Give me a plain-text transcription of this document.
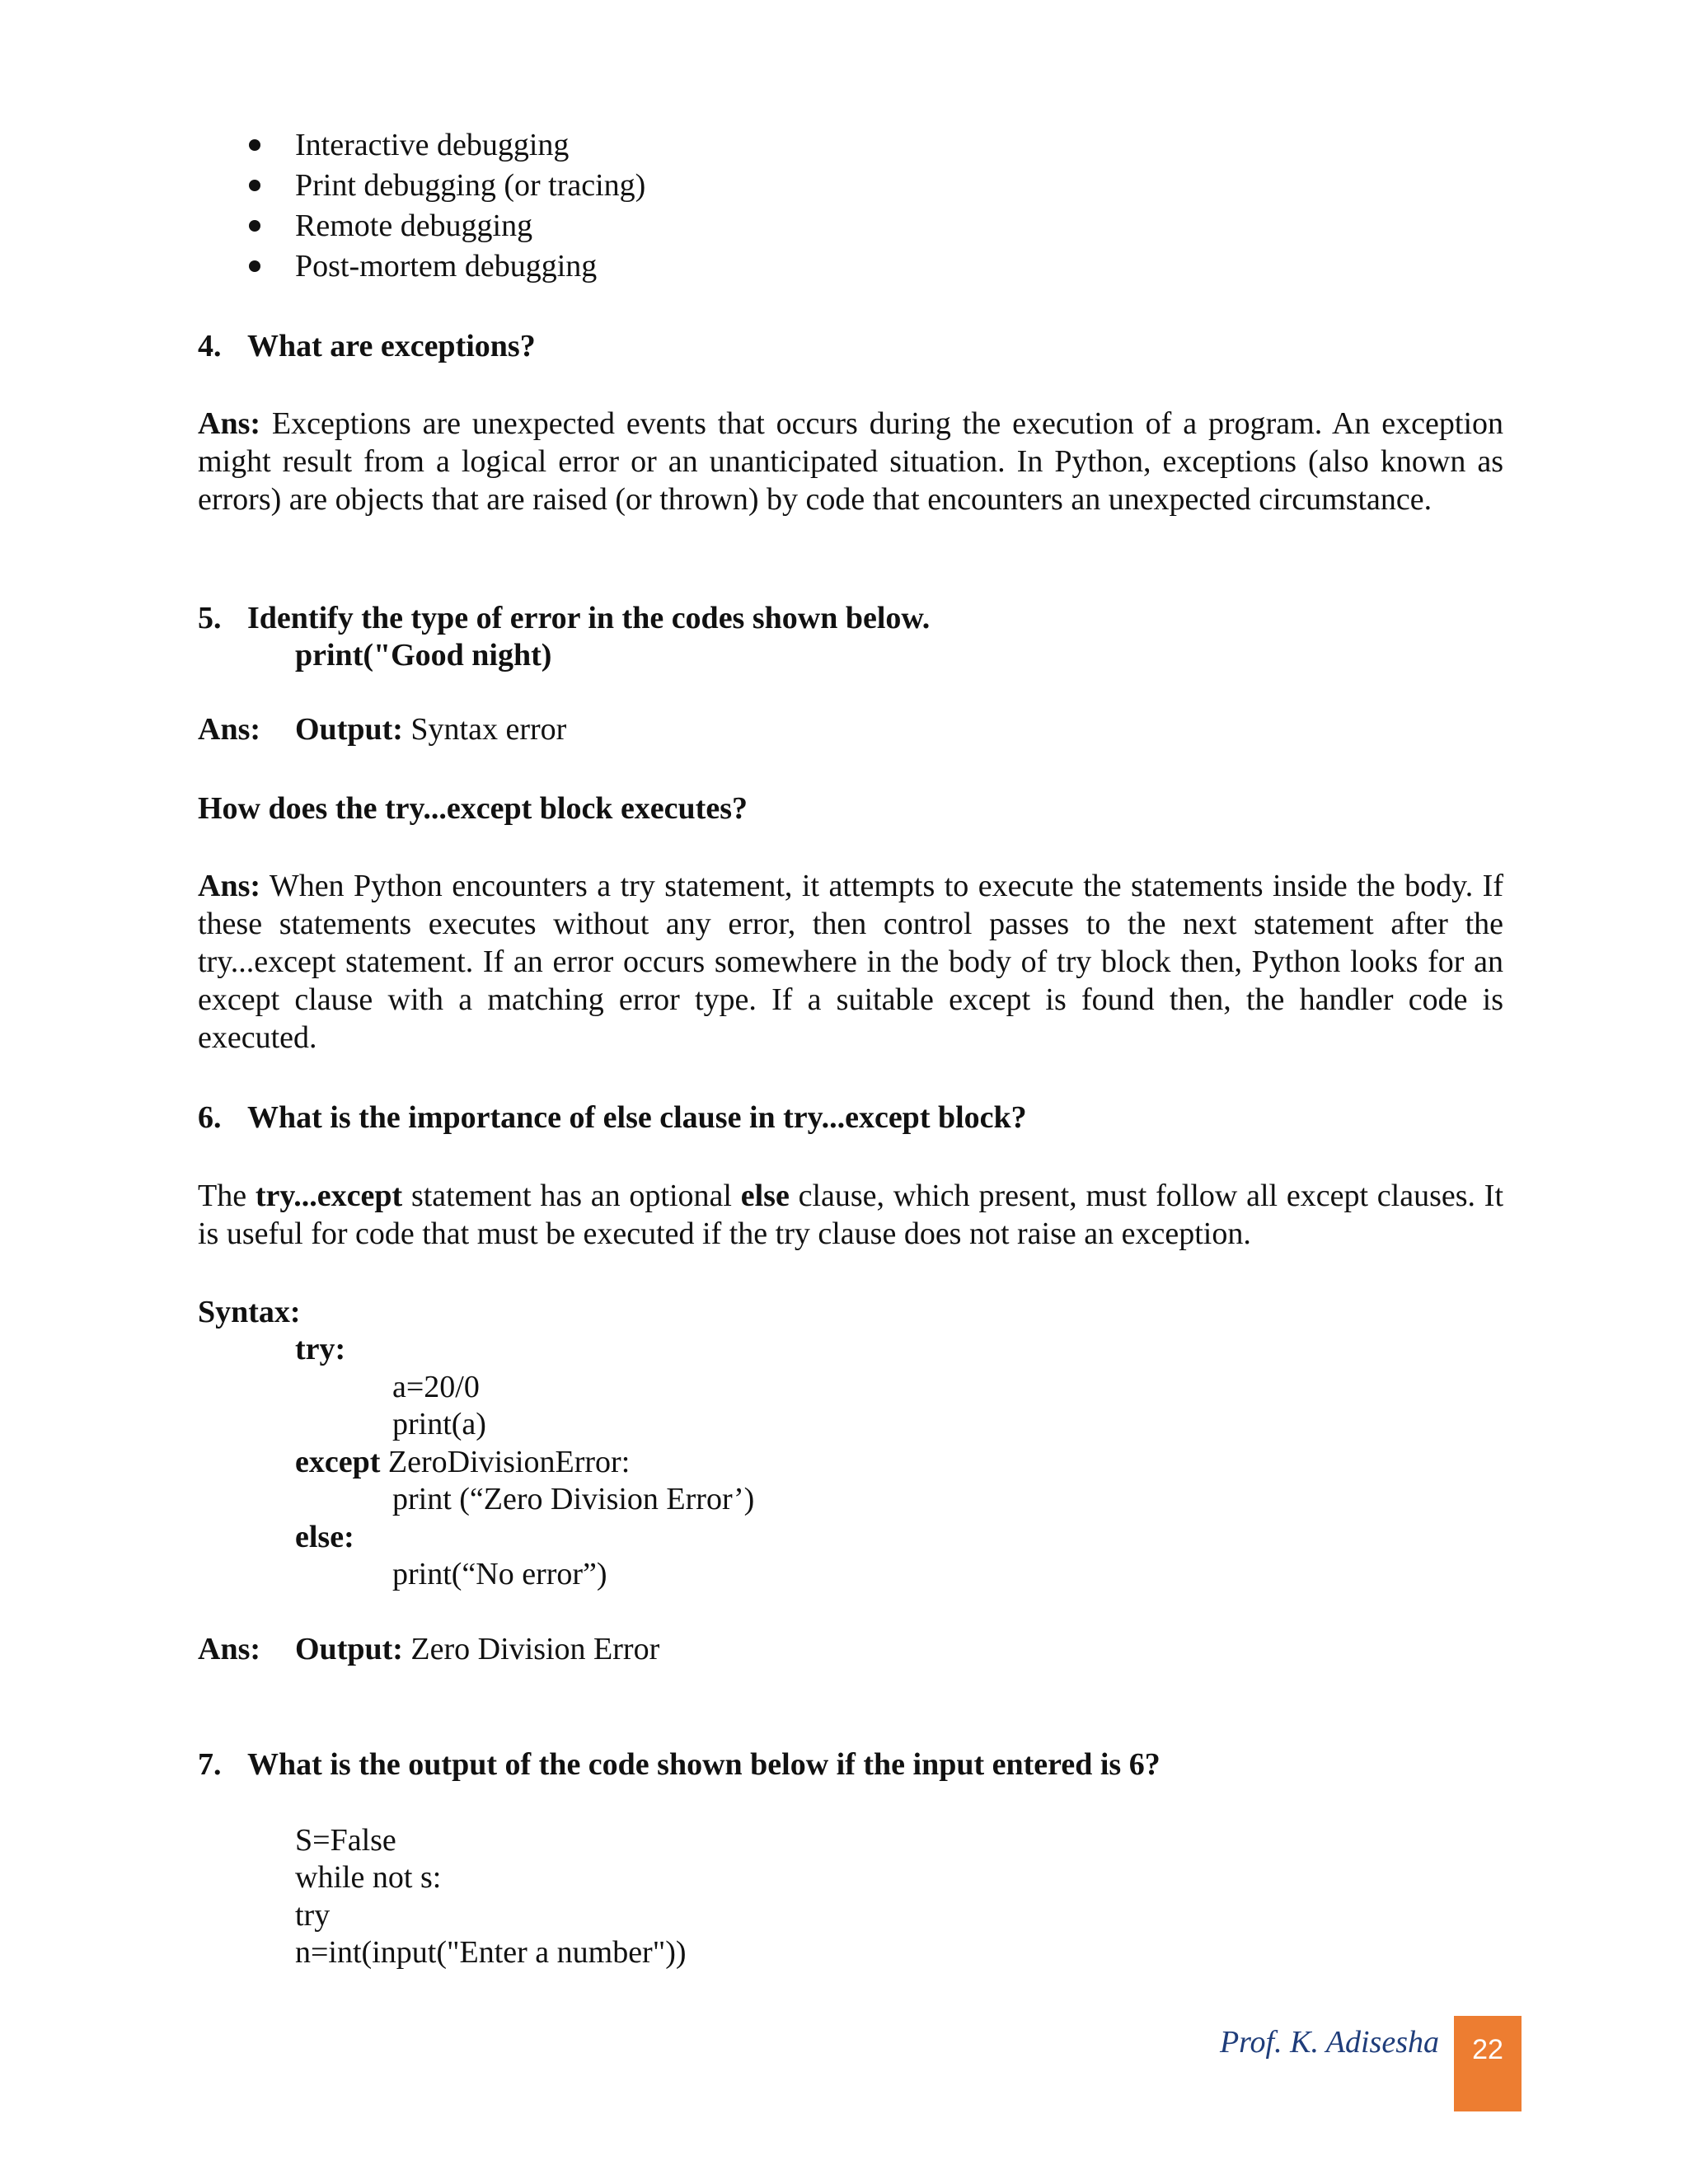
Interactive debugging
Print debugging (or tracing)
Remote debugging
Post-mortem debugging
4. What are exceptions?
Ans: Exceptions are unexpected events that occurs during the execution of a program. An exception might result from a logical error or an unanticipated situation. In Python, exceptions (also known as errors) are objects that are raised (or thrown) by code that encounters an unexpected circumstance.
5. Identify the type of error in the codes shown below.
print("Good night)
Ans: Output: Syntax error
How does the try...except block executes?
Ans: When Python encounters a try statement, it attempts to execute the statements inside the body. If these statements executes without any error, then control passes to the next statement after the try...except statement. If an error occurs somewhere in the body of try block then, Python looks for an except clause with a matching error type. If a suitable except is found then, the handler code is executed.
6. What is the importance of else clause in try...except block?
The try...except statement has an optional else clause, which present, must follow all except clauses. It is useful for code that must be executed if the try clause does not raise an exception.
Syntax:
try:
a=20/0
print(a)
except ZeroDivisionError:
print (“Zero Division Error’)
else:
print(“No error”)
Ans: Output: Zero Division Error
7. What is the output of the code shown below if the input entered is 6?
S=False
while not s:
try
n=int(input("Enter a number"))
Prof. K. Adisesha	22
